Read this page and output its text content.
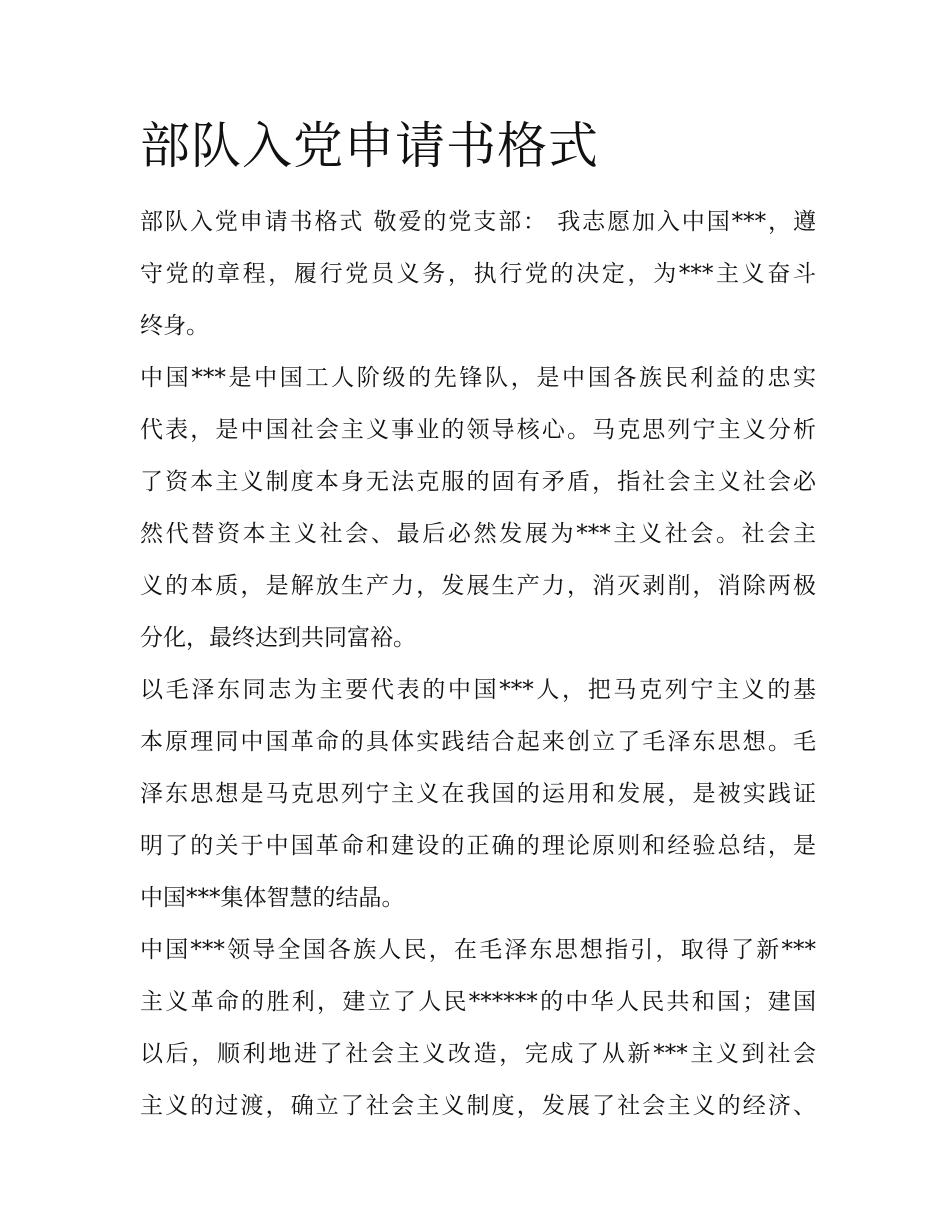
部队入党申请书格式
部队入党申请书格式 敬爱的党支部： 我志愿加入中国***，遵
守党的章程，履行党员义务，执行党的决定，为***主义奋斗
终身。
中国***是中国工人阶级的先锋队，是中国各族民利益的忠实
代表，是中国社会主义事业的领导核心。马克思列宁主义分析
了资本主义制度本身无法克服的固有矛盾，指社会主义社会必
然代替资本主义社会、最后必然发展为***主义社会。社会主
义的本质，是解放生产力，发展生产力，消灭剥削，消除两极
分化，最终达到共同富裕。
以毛泽东同志为主要代表的中国***人，把马克列宁主义的基
本原理同中国革命的具体实践结合起来创立了毛泽东思想。毛
泽东思想是马克思列宁主义在我国的运用和发展，是被实践证
明了的关于中国革命和建设的正确的理论原则和经验总结，是
中国***集体智慧的结晶。
中国***领导全国各族人民，在毛泽东思想指引，取得了新***
主义革命的胜利，建立了人民******的中华人民共和国；建国
以后，顺利地进了社会主义改造，完成了从新***主义到社会
主义的过渡，确立了社会主义制度，发展了社会主义的经济、
